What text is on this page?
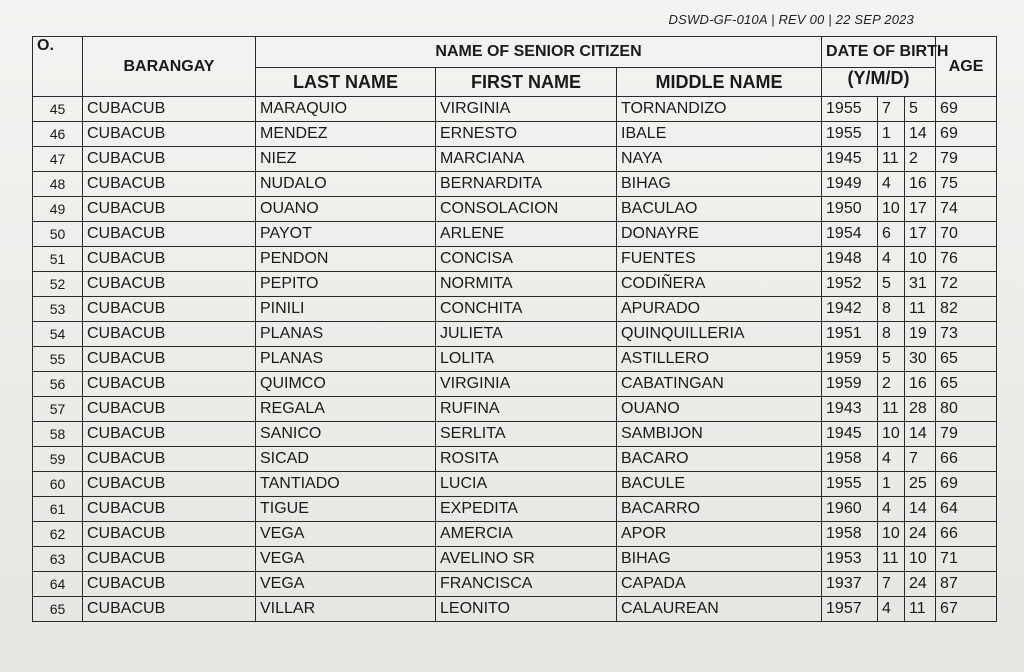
DSWD-GF-010A | REV 00 | 22 SEP 2023
O.	BARANGAY	NAME OF SENIOR CITIZEN			DATE OF BIRTH			AGE
		LAST NAME	FIRST NAME	MIDDLE NAME	(Y/M/D)			
45	CUBACUB	MARAQUIO	VIRGINIA	TORNANDIZO	1955	7	5	69
46	CUBACUB	MENDEZ	ERNESTO	IBALE	1955	1	14	69
47	CUBACUB	NIEZ	MARCIANA	NAYA	1945	11	2	79
48	CUBACUB	NUDALO	BERNARDITA	BIHAG	1949	4	16	75
49	CUBACUB	OUANO	CONSOLACION	BACULAO	1950	10	17	74
50	CUBACUB	PAYOT	ARLENE	DONAYRE	1954	6	17	70
51	CUBACUB	PENDON	CONCISA	FUENTES	1948	4	10	76
52	CUBACUB	PEPITO	NORMITA	CODIÑERA	1952	5	31	72
53	CUBACUB	PINILI	CONCHITA	APURADO	1942	8	11	82
54	CUBACUB	PLANAS	JULIETA	QUINQUILLERIA	1951	8	19	73
55	CUBACUB	PLANAS	LOLITA	ASTILLERO	1959	5	30	65
56	CUBACUB	QUIMCO	VIRGINIA	CABATINGAN	1959	2	16	65
57	CUBACUB	REGALA	RUFINA	OUANO	1943	11	28	80
58	CUBACUB	SANICO	SERLITA	SAMBIJON	1945	10	14	79
59	CUBACUB	SICAD	ROSITA	BACARO	1958	4	7	66
60	CUBACUB	TANTIADO	LUCIA	BACULE	1955	1	25	69
61	CUBACUB	TIGUE	EXPEDITA	BACARRO	1960	4	14	64
62	CUBACUB	VEGA	AMERCIA	APOR	1958	10	24	66
63	CUBACUB	VEGA	AVELINO SR	BIHAG	1953	11	10	71
64	CUBACUB	VEGA	FRANCISCA	CAPADA	1937	7	24	87
65	CUBACUB	VILLAR	LEONITO	CALAUREAN	1957	4	11	67
